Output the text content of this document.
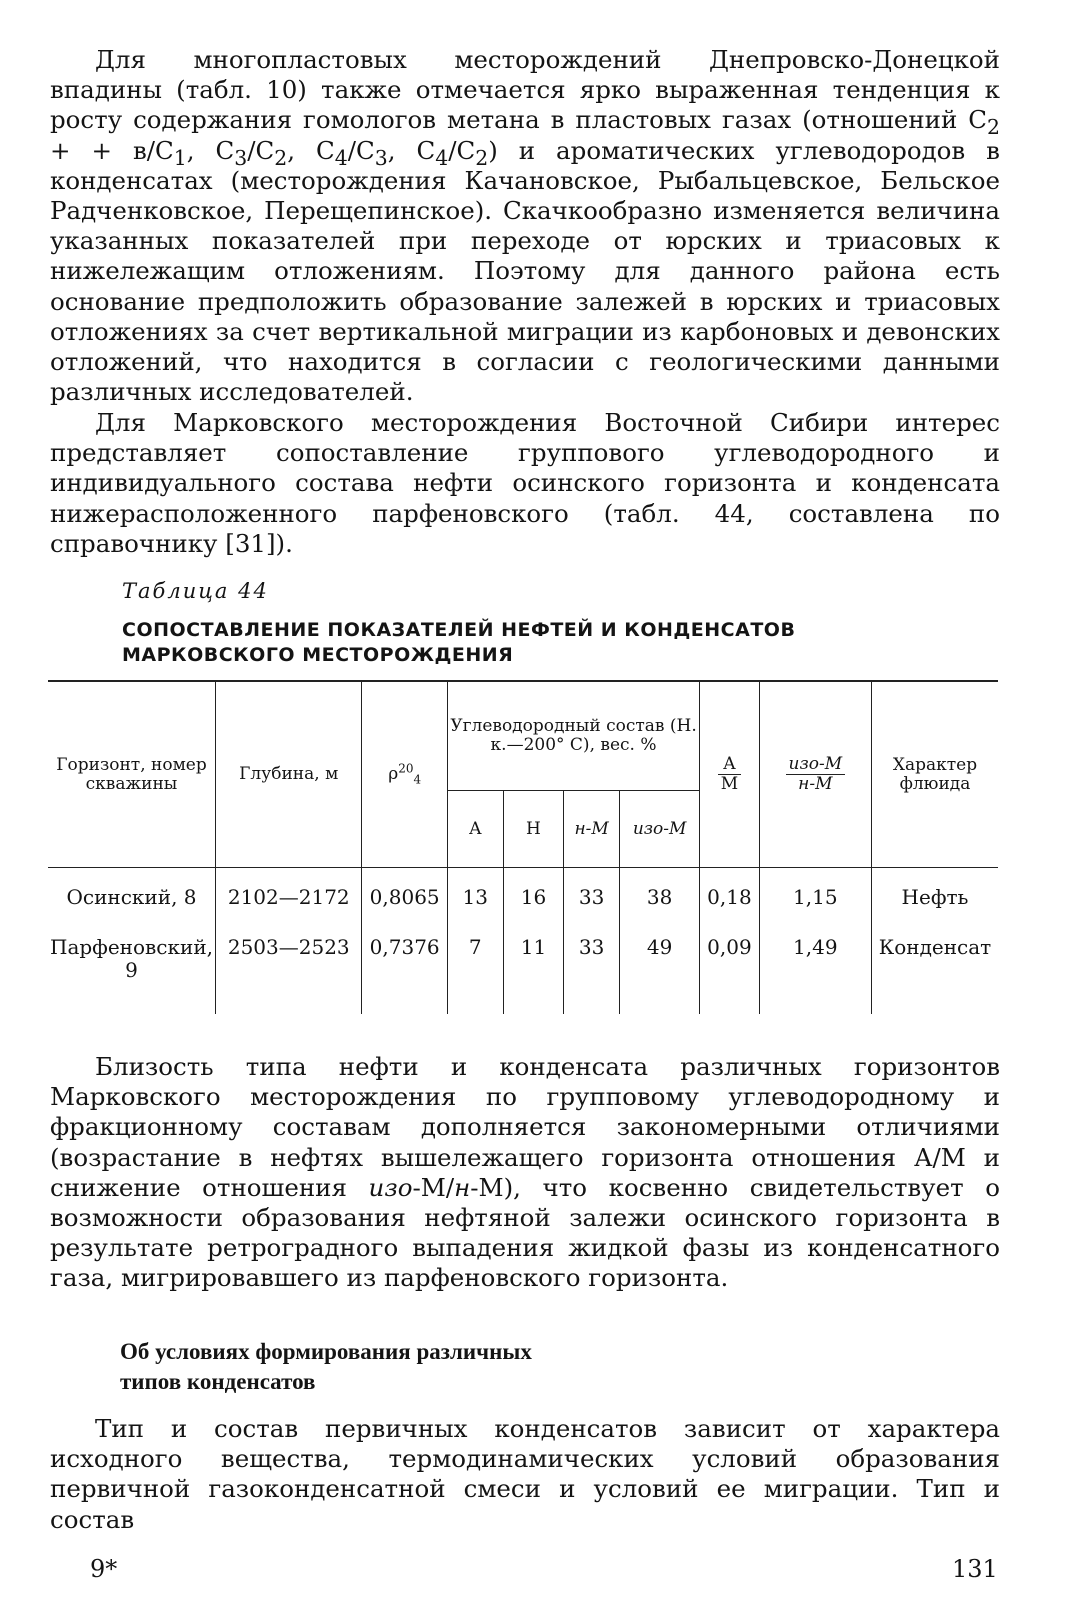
Для многопластовых месторождений Днепровско-Донецкой впадины (табл. 10) также отмечается ярко выраженная тенденция к росту содержания гомологов метана в пластовых газах (отношений $C_2$ + + $в/C_1$, $C_3/C_2$, $C_4/C_3$, $C_4/C_2$) и ароматических углеводородов в конденсатах (месторождения Качановское, Рыбальцевское, Бельское Радченковское, Перещепинское). Скачкообразно изменяется величина указанных показателей при переходе от юрских и триасовых к нижележащим отложениям. Поэтому для данного района есть основание предположить образование залежей в юрских и триасовых отложениях за счет вертикальной миграции из карбоновых и девонских отложений, что находится в согласии с геологическими данными различных исследователей.

Для Марковского месторождения Восточной Сибири интерес представляет сопоставление группового углеводородного и индивидуального состава нефти осинского горизонта и конденсата нижерасположенного парфеновского (табл. 44, составлена по справочнику [31]).

Таблица 44

СОПОСТАВЛЕНИЕ ПОКАЗАТЕЛЕЙ НЕФТЕЙ И КОНДЕНСАТОВ
МАРКОВСКОГО МЕСТОРОЖДЕНИЯ

Горизонт, номер скважины	Глубина, м	$\rho^{20}_4$	Углеводородный состав (Н. к.—200° С), вес. %				$\frac{А}{М}$	$\frac{\text{изо-М}}{н-М}$	Характер флюида
			А	Н	н-М	изо-М			
Осинский, 8	2102—2172	0,8065	13	16	33	38	0,18	1,15	Нефть
Парфеновский, 9	2503—2523	0,7376	7	11	33	49	0,09	1,49	Конденсат

Близость типа нефти и конденсата различных горизонтов Марковского месторождения по групповому углеводородному и фракционному составам дополняется закономерными отличиями (возрастание в нефтях вышележащего горизонта отношения А/М и снижение отношения изо-М/н-М), что косвенно свидетельствует о возможности образования нефтяной залежи осинского горизонта в результате ретроградного выпадения жидкой фазы из конденсатного газа, мигрировавшего из парфеновского горизонта.

Об условиях формирования различных
типов конденсатов

Тип и состав первичных конденсатов зависит от характера исходного вещества, термодинамических условий образования первичной газоконденсатной смеси и условий ее миграции. Тип и состав

9*	131
